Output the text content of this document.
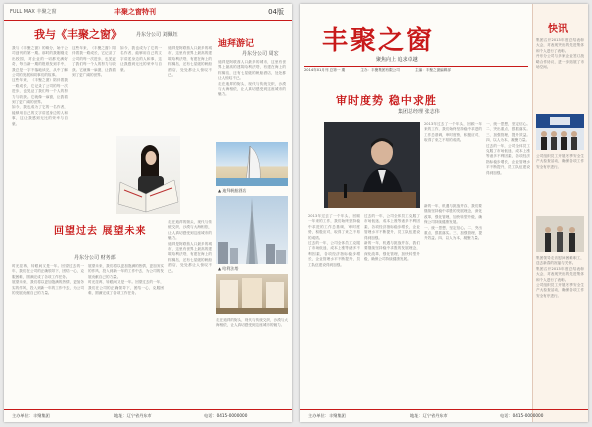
FULL MAX 丰聚之窗	丰聚之窗特刊	04版
我与《丰聚之窗》	丹东分公司 刘佩钰

我与《丰聚之窗》的缘分，始于公司创刊的第一期。那时的我刚刚走出校园，对企业的一切都充满好奇，每当新一期的报纸发到手中，我总是一字不落地读完，从中了解公司的发展和同事们的故事。

这些年来，《丰聚之窗》陪伴着我一路成长，它记录了公司的每一次进步，也见证了我们每一个人的努力与收获。它就像一扇窗，让我看到了更广阔的世界。

如今，我也成为了它的一名作者，能够用自己的文字讲述身边的人和事，这让我感到无比的荣幸与自豪。

这些年来，《丰聚之窗》陪伴着我一路成长，它记录了公司的每一次进步，也见证了我们每一个人的努力与收获。它就像一扇窗，让我看到了更广阔的世界。

如今，我也成为了它的一名作者，能够用自己的文字讲述身边的人和事，这让我感到无比的荣幸与自豪。

迪拜游记
丹东分公司 周宏

迪拜是阿联酋人口最多的城市，这里有世界上最高的建筑哈利法塔，有建在海上的棕榈岛，还有七星级的帆船酒店，处处都让人惊叹不已。

迪拜是阿联酋人口最多的城市，这里有世界上最高的建筑哈利法塔，有建在海上的棕榈岛，还有七星级的帆船酒店，处处都让人惊叹不已。

走在迪拜的街头，现代与传统交织，沙漠与大海相依，让人真切感受到这座城市的魅力。

▲ 迪拜帆船酒店
▲ 哈利法塔

走在迪拜的街头，现代与传统交织，沙漠与大海相依，让人真切感受到这座城市的魅力。

迪拜是阿联酋人口最多的城市，这里有世界上最高的建筑哈利法塔，有建在海上的棕榈岛，还有七星级的帆船酒店，处处都让人惊叹不已。

走在迪拜的街头，现代与传统交织，沙漠与大海相依，让人真切感受到这座城市的魅力。

回望过去 展望未来
丹东分公司 财务部

时光荏苒，转眼间又是一年。回望过去的一年，我们在公司的正确领导下，团结一心，克服困难，圆满完成了各项工作任务。

展望未来，我们将以更加饱满的热情，更加务实的作风，投入到新一年的工作中去，为公司的发展贡献自己的力量。

展望未来，我们将以更加饱满的热情，更加务实的作风，投入到新一年的工作中去，为公司的发展贡献自己的力量。

时光荏苒，转眼间又是一年。回望过去的一年，我们在公司的正确领导下，团结一心，克服困难，圆满完成了各项工作任务。

主办单位：丰聚集团	地址：辽宁省丹东市	电话：0415-0000000
丰聚之窗
聚焦向上 追求卓越
2014年01月刊 总第一 期	主办：丰聚集团有限公司	主编：丰聚之窗编辑部
审时度势 稳中求胜
集团总经理 张志伟

2013年过去了一个年头，回顾一年来的工作，我们始终坚持稳中求进的工作总基调，审时度势，积极应对，取得了来之不易的成绩。

2013年过去了一个年头，回顾一年来的工作，我们始终坚持稳中求进的工作总基调，审时度势，积极应对，取得了来之不易的成绩。

过去的一年，公司全体员工克服了市场低迷、成本上涨等诸多不利因素，各项经济指标稳步增长，企业管理水平不断提升，员工队伍建设得到加强。

过去的一年，公司全体员工克服了市场低迷、成本上涨等诸多不利因素，各项经济指标稳步增长，企业管理水平不断提升，员工队伍建设得到加强。

新的一年，机遇与挑战并存，我们要继续坚持稳中求胜的发展理念，深化改革，强化管理，加快转型升级，确保公司持续健康发展。

新的一年，机遇与挑战并存，我们要继续坚持稳中求胜的发展理念，深化改革，强化管理，加快转型升级，确保公司持续健康发展。

一、统一思想，坚定信心。二、突出重点，狠抓落实。三、加强管理，提升效益。四、以人为本，凝聚力量。

一、统一思想，坚定信心。二、突出重点，狠抓落实。三、加强管理，提升效益。四、以人为本，凝聚力量。

过去的一年，公司全体员工克服了市场低迷、成本上涨等诸多不利因素，各项经济指标稳步增长，企业管理水平不断提升，员工队伍建设得到加强。

快讯

集团召开2013年度总结表彰大会，对表现突出的先进集体和个人进行了表彰。

丹东分公司与多家企业签订战略合作协议，进一步拓展了市场空间。

公司组织员工开展冬季安全生产大检查活动，确保各项工作安全有序进行。

集团领导走访慰问困难职工，送去新春的祝福与关怀。

集团召开2013年度总结表彰大会，对表现突出的先进集体和个人进行了表彰。

公司组织员工开展冬季安全生产大检查活动，确保各项工作安全有序进行。

主办单位：丰聚集团	地址：辽宁省丹东市	电话：0415-0000000
